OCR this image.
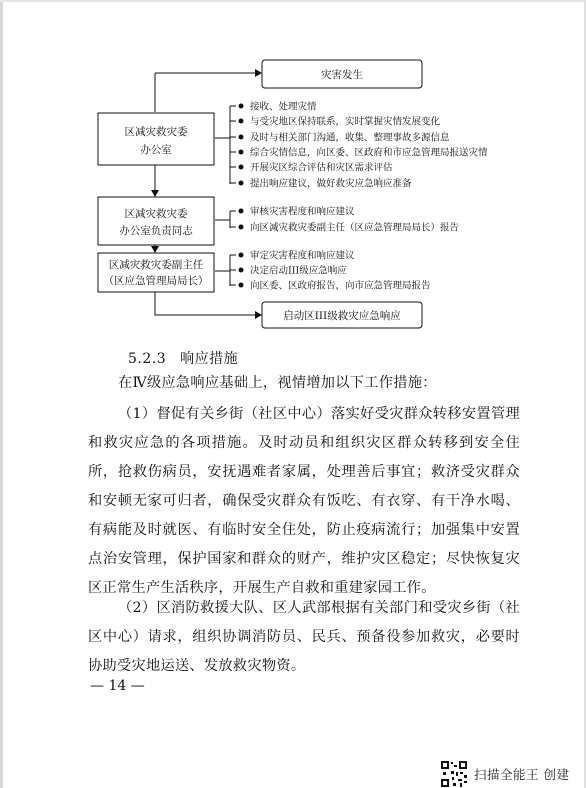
灾害发生
区减灾救灾委
办公室
区减灾救灾委
办公室负责同志
区减灾救灾委副主任
（区应急管理局局长）
启动区III级救灾应急响应
接收、处理灾情
与受灾地区保持联系，实时掌握灾情发展变化
及时与相关部门沟通，收集、整理事故多源信息
综合灾情信息，向区委、区政府和市应急管理局报送灾情
开展灾区综合评估和灾区需求评估
提出响应建议，做好救灾应急响应准备
审核灾害程度和响应建议
向区减灾救灾委副主任（区应急管理局局长）报告
审定灾害程度和响应建议
决定启动III级应急响应
向区委、区政府报告，向市应急管理局报告
5.2.3 响应措施
在Ⅳ级应急响应基础上，视情增加以下工作措施：
（1）督促有关乡街（社区中心）落实好受灾群众转移安置管理和救灾应急的各项措施。及时动员和组织灾区群众转移到安全住所，抢救伤病员，安抚遇难者家属，处理善后事宜；救济受灾群众和安顿无家可归者，确保受灾群众有饭吃、有衣穿、有干净水喝、有病能及时就医、有临时安全住处，防止疫病流行；加强集中安置点治安管理，保护国家和群众的财产，维护灾区稳定；尽快恢复灾区正常生产生活秩序，开展生产自救和重建家园工作。
（2）区消防救援大队、区人武部根据有关部门和受灾乡街（社区中心）请求，组织协调消防员、民兵、预备役参加救灾，必要时协助受灾地运送、发放救灾物资。
— 14 —
扫描全能王 创建
